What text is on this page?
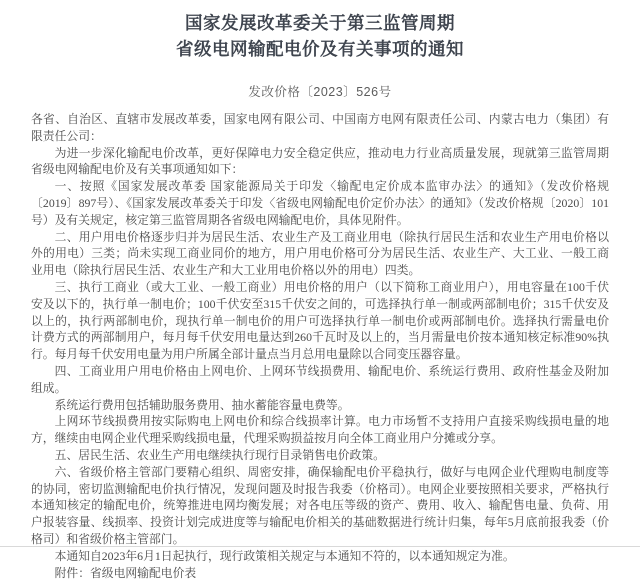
国家发展改革委关于第三监管周期
省级电网输配电价及有关事项的通知
发改价格〔2023〕526号

各省、自治区、直辖市发展改革委，国家电网有限公司、中国南方电网有限责任公司、内蒙古电力（集团）有限责任公司：

为进一步深化输配电价改革，更好保障电力安全稳定供应，推动电力行业高质量发展，现就第三监管周期省级电网输配电价及有关事项通知如下：

一、按照《国家发展改革委 国家能源局关于印发〈输配电定价成本监审办法〉的通知》（发改价格规〔2019〕897号）、《国家发展改革委关于印发〈省级电网输配电价定价办法〉的通知》（发改价格规〔2020〕101号）及有关规定，核定第三监管周期各省级电网输配电价，具体见附件。

二、用户用电价格逐步归并为居民生活、农业生产及工商业用电（除执行居民生活和农业生产用电价格以外的用电）三类；尚未实现工商业同价的地方，用户用电价格可分为居民生活、农业生产、大工业、一般工商业用电（除执行居民生活、农业生产和大工业用电价格以外的用电）四类。

三、执行工商业（或大工业、一般工商业）用电价格的用户（以下简称工商业用户），用电容量在100千伏安及以下的，执行单一制电价；100千伏安至315千伏安之间的，可选择执行单一制或两部制电价；315千伏安及以上的，执行两部制电价，现执行单一制电价的用户可选择执行单一制电价或两部制电价。选择执行需量电价计费方式的两部制用户，每月每千伏安用电量达到260千瓦时及以上的，当月需量电价按本通知核定标准90%执行。每月每千伏安用电量为用户所属全部计量点当月总用电量除以合同变压器容量。

四、工商业用户用电价格由上网电价、上网环节线损费用、输配电价、系统运行费用、政府性基金及附加组成。

系统运行费用包括辅助服务费用、抽水蓄能容量电费等。

上网环节线损费用按实际购电上网电价和综合线损率计算。电力市场暂不支持用户直接采购线损电量的地方，继续由电网企业代理采购线损电量，代理采购损益按月向全体工商业用户分摊或分享。

五、居民生活、农业生产用电继续执行现行目录销售电价政策。

六、省级价格主管部门要精心组织、周密安排，确保输配电价平稳执行，做好与电网企业代理购电制度等的协同，密切监测输配电价执行情况，发现问题及时报告我委（价格司）。电网企业要按照相关要求，严格执行本通知核定的输配电价，统筹推进电网均衡发展；对各电压等级的资产、费用、收入、输配售电量、负荷、用户报装容量、线损率、投资计划完成进度等与输配电价相关的基础数据进行统计归集，每年5月底前报我委（价格司）和省级价格主管部门。

本通知自2023年6月1日起执行，现行政策相关规定与本通知不符的，以本通知规定为准。

附件：省级电网输配电价表
